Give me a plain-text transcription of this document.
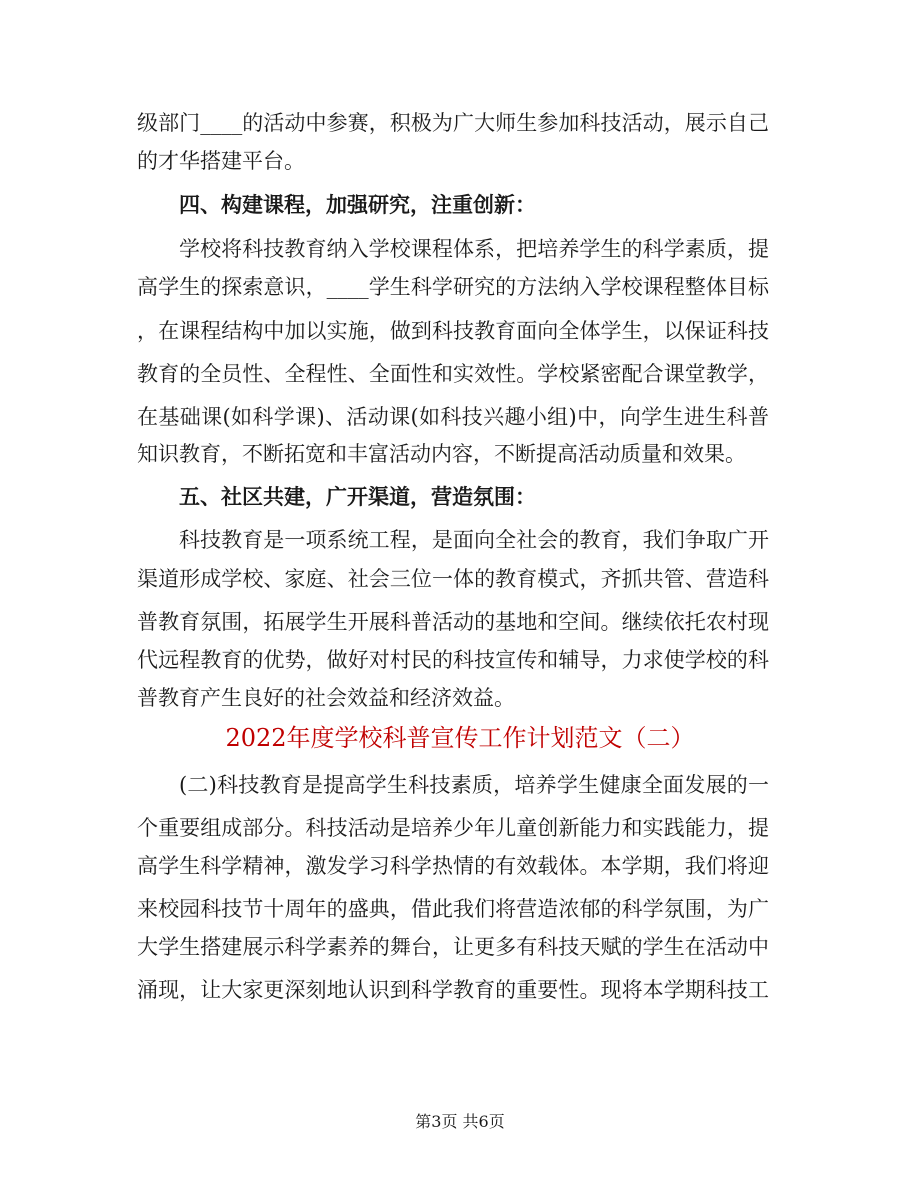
级部门____的活动中参赛，积极为广大师生参加科技活动，展示自己
的才华搭建平台。
四、构建课程，加强研究，注重创新：
学校将科技教育纳入学校课程体系，把培养学生的科学素质，提
高学生的探索意识，____学生科学研究的方法纳入学校课程整体目标
，在课程结构中加以实施，做到科技教育面向全体学生，以保证科技
教育的全员性、全程性、全面性和实效性。学校紧密配合课堂教学，
在基础课(如科学课)、活动课(如科技兴趣小组)中，向学生进生科普
知识教育，不断拓宽和丰富活动内容，不断提高活动质量和效果。
五、社区共建，广开渠道，营造氛围：
科技教育是一项系统工程，是面向全社会的教育，我们争取广开
渠道形成学校、家庭、社会三位一体的教育模式，齐抓共管、营造科
普教育氛围，拓展学生开展科普活动的基地和空间。继续依托农村现
代远程教育的优势，做好对村民的科技宣传和辅导，力求使学校的科
普教育产生良好的社会效益和经济效益。
2022年度学校科普宣传工作计划范文（二）
(二)科技教育是提高学生科技素质，培养学生健康全面发展的一
个重要组成部分。科技活动是培养少年儿童创新能力和实践能力，提
高学生科学精神，激发学习科学热情的有效载体。本学期，我们将迎
来校园科技节十周年的盛典，借此我们将营造浓郁的科学氛围，为广
大学生搭建展示科学素养的舞台，让更多有科技天赋的学生在活动中
涌现，让大家更深刻地认识到科学教育的重要性。现将本学期科技工
第3页 共6页
